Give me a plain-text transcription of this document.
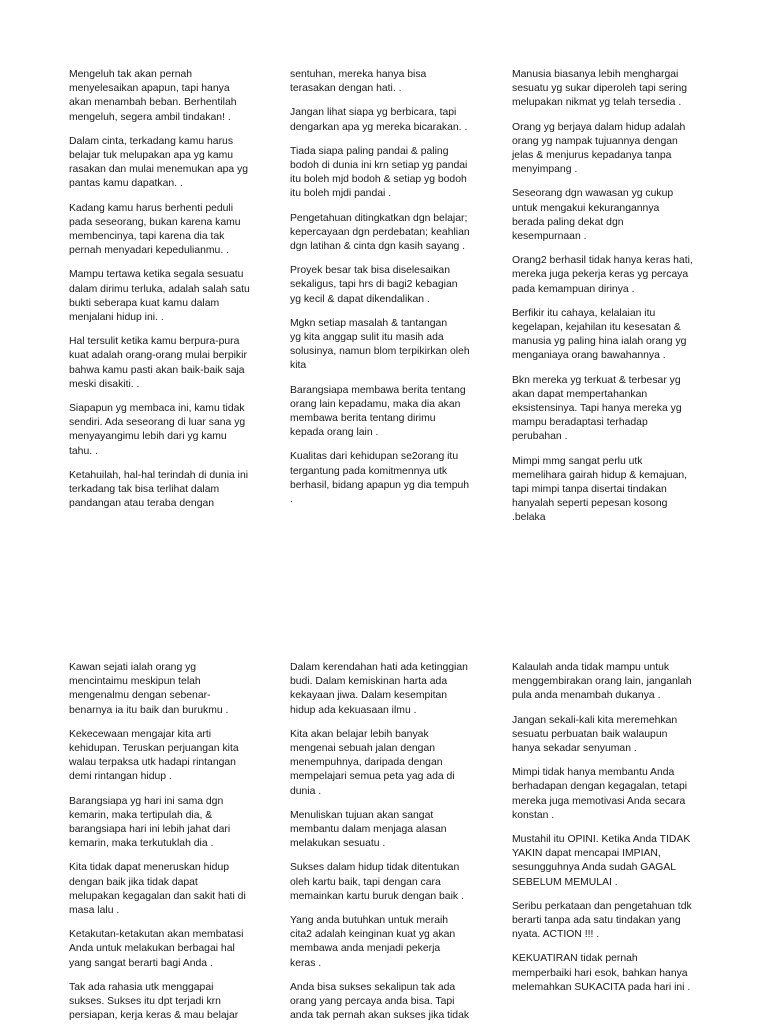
Mengeluh tak akan pernah
menyelesaikan apapun, tapi hanya
akan menambah beban. Berhentilah
mengeluh, segera ambil tindakan! .

Dalam cinta, terkadang kamu harus
belajar tuk melupakan apa yg kamu
rasakan dan mulai menemukan apa yg
pantas kamu dapatkan. .

Kadang kamu harus berhenti peduli
pada seseorang, bukan karena kamu
membencinya, tapi karena dia tak
pernah menyadari kepedulianmu. .

Mampu tertawa ketika segala sesuatu
dalam dirimu terluka, adalah salah satu
bukti seberapa kuat kamu dalam
menjalani hidup ini. .

Hal tersulit ketika kamu berpura-pura
kuat adalah orang-orang mulai berpikir
bahwa kamu pasti akan baik-baik saja
meski disakiti. .

Siapapun yg membaca ini, kamu tidak
sendiri. Ada seseorang di luar sana yg
menyayangimu lebih dari yg kamu
tahu. .

Ketahuilah, hal-hal terindah di dunia ini
terkadang tak bisa terlihat dalam
pandangan atau teraba dengan

sentuhan, mereka hanya bisa
terasakan dengan hati. .

Jangan lihat siapa yg berbicara, tapi
dengarkan apa yg mereka bicarakan. .

Tiada siapa paling pandai & paling
bodoh di dunia ini krn setiap yg pandai
itu boleh mjd bodoh & setiap yg bodoh
itu boleh mjdi pandai .

Pengetahuan ditingkatkan dgn belajar;
kepercayaan dgn perdebatan; keahlian
dgn latihan & cinta dgn kasih sayang .

Proyek besar tak bisa diselesaikan
sekaligus, tapi hrs di bagi2 kebagian
yg kecil & dapat dikendalikan .

Mgkn setiap masalah & tantangan
yg kita anggap sulit itu masih ada
solusinya, namun blom terpikirkan oleh
kita

Barangsiapa membawa berita tentang
orang lain kepadamu, maka dia akan
membawa berita tentang dirimu
kepada orang lain .

Kualitas dari kehidupan se2orang itu
tergantung pada komitmennya utk
berhasil, bidang apapun yg dia tempuh
.

Manusia biasanya lebih menghargai
sesuatu yg sukar diperoleh tapi sering
melupakan nikmat yg telah tersedia .

Orang yg berjaya dalam hidup adalah
orang yg nampak tujuannya dengan
jelas & menjurus kepadanya tanpa
menyimpang .

Seseorang dgn wawasan yg cukup
untuk mengakui kekurangannya
berada paling dekat dgn
kesempurnaan .

Orang2 berhasil tidak hanya keras hati,
mereka juga pekerja keras yg percaya
pada kemampuan dirinya .

Berfikir itu cahaya, kelalaian itu
kegelapan, kejahilan itu kesesatan &
manusia yg paling hina ialah orang yg
menganiaya orang bawahannya .

Bkn mereka yg terkuat & terbesar yg
akan dapat mempertahankan
eksistensinya. Tapi hanya mereka yg
mampu beradaptasi terhadap
perubahan .

Mimpi mmg sangat perlu utk
memelihara gairah hidup & kemajuan,
tapi mimpi tanpa disertai tindakan
hanyalah seperti pepesan kosong
.belaka

Kawan sejati ialah orang yg
mencintaimu meskipun telah
mengenalmu dengan sebenar-
benarnya ia itu baik dan burukmu .

Kekecewaan mengajar kita arti
kehidupan. Teruskan perjuangan kita
walau terpaksa utk hadapi rintangan
demi rintangan hidup .

Barangsiapa yg hari ini sama dgn
kemarin, maka tertipulah dia, &
barangsiapa hari ini lebih jahat dari
kemarin, maka terkutuklah dia .

Kita tidak dapat meneruskan hidup
dengan baik jika tidak dapat
melupakan kegagalan dan sakit hati di
masa lalu .

Ketakutan-ketakutan akan membatasi
Anda untuk melakukan berbagai hal
yang sangat berarti bagi Anda .

Tak ada rahasia utk menggapai
sukses. Sukses itu dpt terjadi krn
persiapan, kerja keras & mau belajar

Dalam kerendahan hati ada ketinggian
budi. Dalam kemiskinan harta ada
kekayaan jiwa. Dalam kesempitan
hidup ada kekuasaan ilmu .

Kita akan belajar lebih banyak
mengenai sebuah jalan dengan
menempuhnya, daripada dengan
mempelajari semua peta yag ada di
dunia .

Menuliskan tujuan akan sangat
membantu dalam menjaga alasan
melakukan sesuatu .

Sukses dalam hidup tidak ditentukan
oleh kartu baik, tapi dengan cara
memainkan kartu buruk dengan baik .

Yang anda butuhkan untuk meraih
cita2 adalah keinginan kuat yg akan
membawa anda menjadi pekerja
keras .

Anda bisa sukses sekalipun tak ada
orang yang percaya anda bisa. Tapi
anda tak pernah akan sukses jika tidak

Kalaulah anda tidak mampu untuk
menggembirakan orang lain, janganlah
pula anda menambah dukanya .

Jangan sekali-kali kita meremehkan
sesuatu perbuatan baik walaupun
hanya sekadar senyuman .

Mimpi tidak hanya membantu Anda
berhadapan dengan kegagalan, tetapi
mereka juga memotivasi Anda secara
konstan .

Mustahil itu OPINI. Ketika Anda TIDAK
YAKIN dapat mencapai IMPIAN,
sesungguhnya Anda sudah GAGAL
SEBELUM MEMULAI .

Seribu perkataan dan pengetahuan tdk
berarti tanpa ada satu tindakan yang
nyata. ACTION !!! .

KEKUATIRAN tidak pernah
memperbaiki hari esok, bahkan hanya
melemahkan SUKACITA pada hari ini .
